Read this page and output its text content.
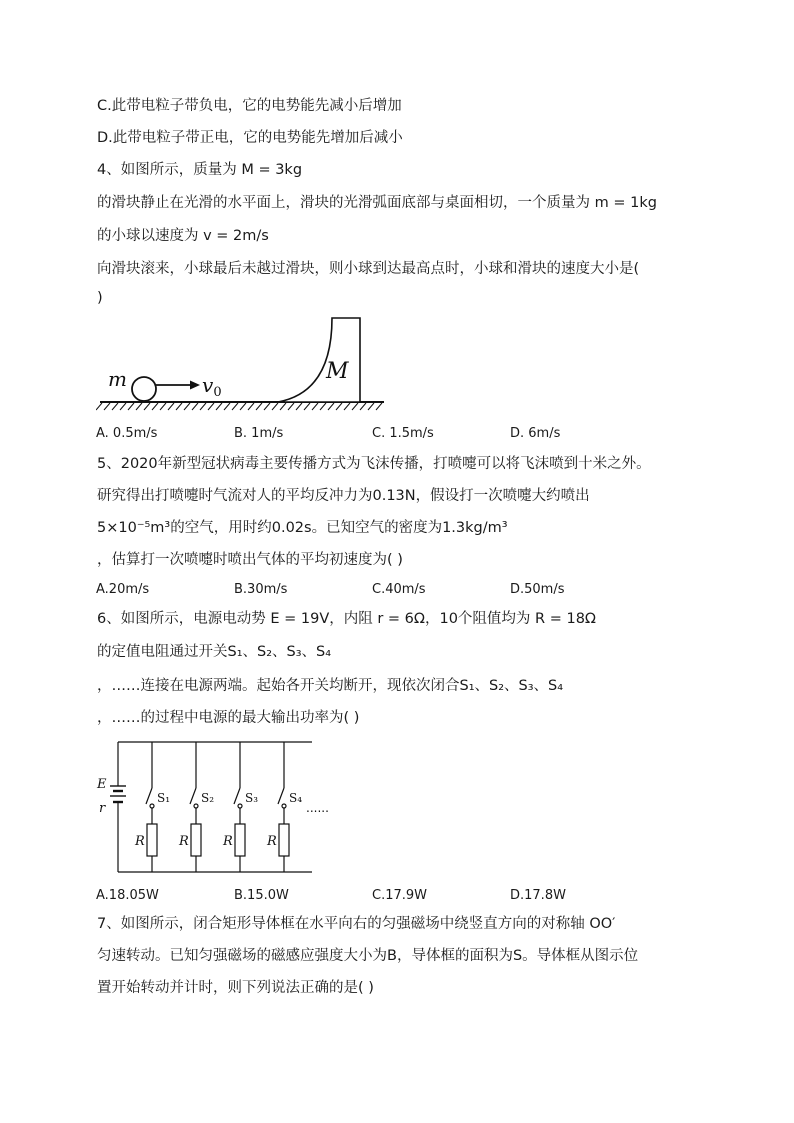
C.此带电粒子带负电，它的电势能先减小后增加
D.此带电粒子带正电，它的电势能先增加后减小
4、如图所示，质量为 M = 3kg
的滑块静止在光滑的水平面上，滑块的光滑弧面底部与桌面相切，一个质量为 m = 1kg
的小球以速度为 v = 2m/s
向滑块滚来，小球最后未越过滑块，则小球到达最高点时，小球和滑块的速度大小是(
)
m	$v_0$
M
A. 0.5m/s	B. 1m/s	C. 1.5m/s	D. 6m/s
5、2020年新型冠状病毒主要传播方式为飞沫传播，打喷嚏可以将飞沫喷到十米之外。
研究得出打喷嚏时气流对人的平均反冲力为0.13N，假设打一次喷嚏大约喷出
5×10⁻⁵m³的空气，用时约0.02s。已知空气的密度为1.3kg/m³
，估算打一次喷嚏时喷出气体的平均初速度为( )
A.20m/s	B.30m/s	C.40m/s	D.50m/s
6、如图所示，电源电动势 E = 19V，内阻 r = 6Ω，10个阻值均为 R = 18Ω
的定值电阻通过开关S₁、S₂、S₃、S₄
，……连接在电源两端。起始各开关均断开，现依次闭合S₁、S₂、S₃、S₄
，……的过程中电源的最大输出功率为( )
E
r
S₁	S₂	S₃	S₄
R	R	R	R
......
A.18.05W	B.15.0W	C.17.9W	D.17.8W
7、如图所示，闭合矩形导体框在水平向右的匀强磁场中绕竖直方向的对称轴 OO′
匀速转动。已知匀强磁场的磁感应强度大小为B，导体框的面积为S。导体框从图示位
置开始转动并计时，则下列说法正确的是( )
